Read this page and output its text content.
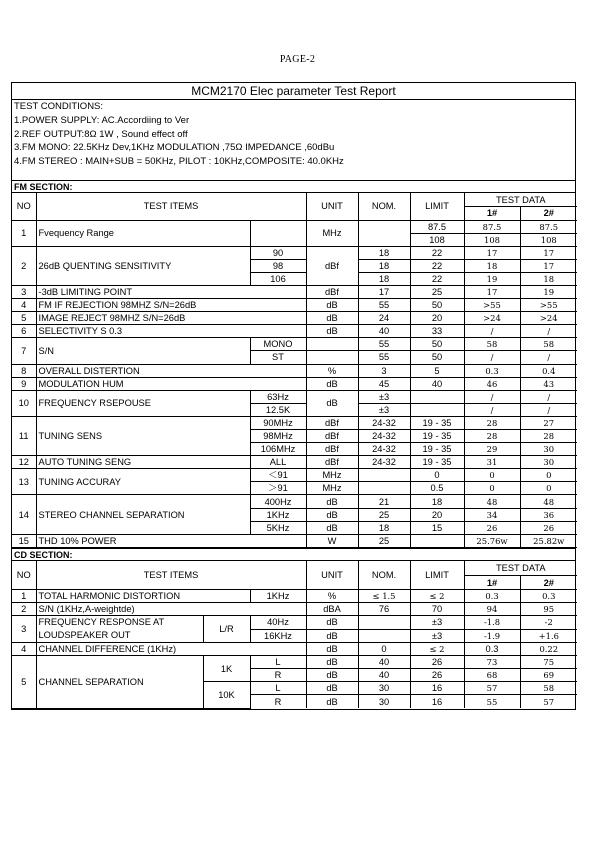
PAGE-2
MCM2170 Elec parameter Test Report
TEST CONDITIONS:
1.POWER SUPPLY: AC.Accordiing to Ver
2.REF OUTPUT:8Ω 1W , Sound effect off
3.FM MONO: 22.5KHz Dev,1KHz MODULATION ,75Ω IMPEDANCE ,60dBu
4.FM STEREO : MAIN+SUB = 50KHz, PILOT : 10KHz,COMPOSITE: 40.0KHz
FM SECTION:
NO	TEST ITEMS		UNIT	NOM.	LIMIT	TEST DATA	
						1#	2#
1	Fvequency Range		MHz		87.5	87.5	87.5
					108	108	108
2	26dB QUENTING SENSITIVITY	90	dBf	18	22	17	17
		98		18	22	18	17
		106		18	22	19	18
3	-3dB LIMITING POINT		dBf	17	25	17	19
4	FM IF REJECTION 98MHZ S/N=26dB		dB	55	50	>55	>55
5	IMAGE REJECT 98MHZ S/N=26dB		dB	24	20	>24	>24
6	SELECTIVITY S 0.3		dB	40	33	/	/
7	S/N	MONO		55	50	58	58
		ST		55	50	/	/
8	OVERALL DISTERTION		%	3	5	0.3	0.4
9	MODULATION HUM		dB	45	40	46	43
10	FREQUENCY RSEPOUSE	63Hz	dB	±3		/	/
		12.5K		±3		/	/
11	TUNING SENS	90MHz	dBf	24-32	19 - 35	28	27
		98MHz	dBf	24-32	19 - 35	28	28
		106MHz	dBf	24-32	19 - 35	29	30
12	AUTO TUNING SENG	ALL	dBf	24-32	19 - 35	31	30
13	TUNING ACCURAY	＜91	MHz		0	0	0
		＞91	MHz		0.5	0	0
14	STEREO CHANNEL SEPARATION	400Hz	dB	21	18	48	48
		1KHz	dB	25	20	34	36
		5KHz	dB	18	15	26	26
15	THD 10% POWER		W	25		25.76w	25.82w
CD SECTION:
NO	TEST ITEMS			UNIT	NOM.	LIMIT	TEST DATA	
							1#	2#
1	TOTAL HARMONIC DISTORTION		1KHz	%	≤ 1.5	≤ 2	0.3	0.3
2	S/N (1KHz,A-weightde)			dBA	76	70	94	95
3	FREQUENCY RESPONSE AT
LOUDSPEAKER OUT	L/R	40Hz	dB		±3	-1.8	-2
			16KHz	dB		±3	-1.9	+1.6
4	CHANNEL DIFFERENCE (1KHz)			dB	0	≤ 2	0.3	0.22
5	CHANNEL SEPARATION	1K	L	dB	40	26	73	75
			R	dB	40	26	68	69
		10K	L	dB	30	16	57	58
			R	dB	30	16	55	57
